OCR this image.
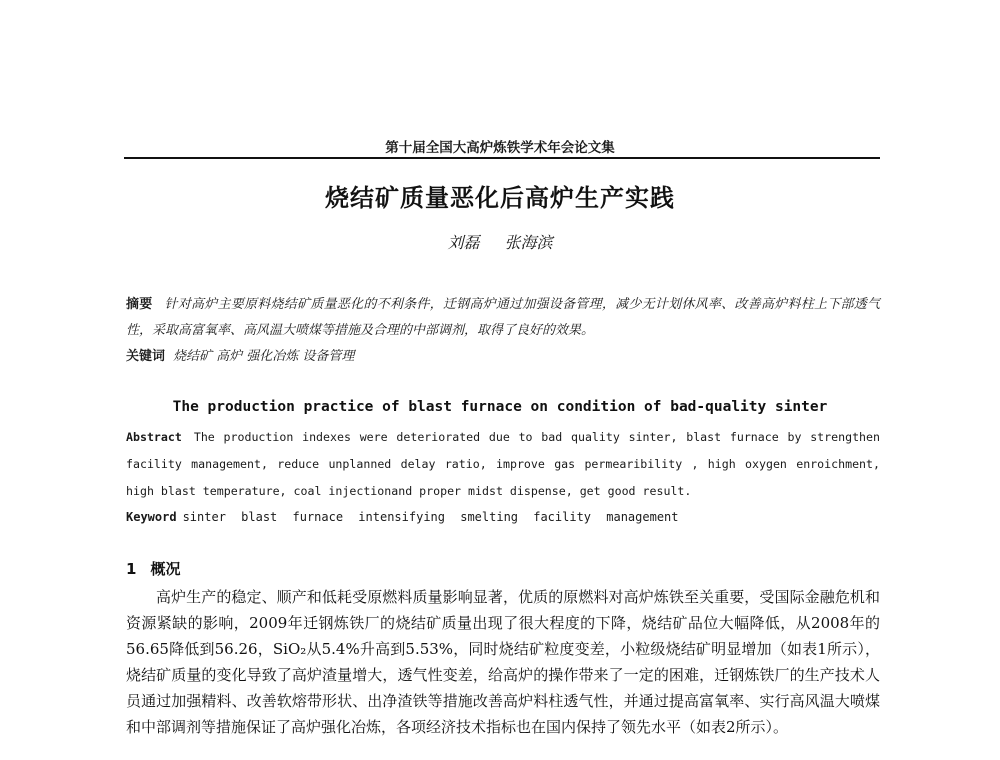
第十届全国大高炉炼铁学术年会论文集
烧结矿质量恶化后高炉生产实践
刘磊 张海滨
摘要 针对高炉主要原料烧结矿质量恶化的不利条件，迁钢高炉通过加强设备管理，减少无计划休风率、改善高炉料柱上下部透气性，采取高富氧率、高风温大喷煤等措施及合理的中部调剂，取得了良好的效果。
关键词 烧结矿 高炉 强化冶炼 设备管理
The production practice of blast furnace on condition of bad-quality sinter
Abstract The production indexes were deteriorated due to bad quality sinter, blast furnace by strengthen facility management, reduce unplanned delay ratio, improve gas permearibility , high oxygen enroichment, high blast temperature, coal injectionand proper midst dispense, get good result.
Keyword sinter blast furnace intensifying smelting facility management
1 概况
高炉生产的稳定、顺产和低耗受原燃料质量影响显著，优质的原燃料对高炉炼铁至关重要，受国际金融危机和资源紧缺的影响，2009年迁钢炼铁厂的烧结矿质量出现了很大程度的下降，烧结矿品位大幅降低，从2008年的56.65降低到56.26，SiO₂从5.4%升高到5.53%，同时烧结矿粒度变差，小粒级烧结矿明显增加（如表1所示），烧结矿质量的变化导致了高炉渣量增大，透气性变差，给高炉的操作带来了一定的困难，迁钢炼铁厂的生产技术人员通过加强精料、改善软熔带形状、出净渣铁等措施改善高炉料柱透气性，并通过提高富氧率、实行高风温大喷煤和中部调剂等措施保证了高炉强化冶炼，各项经济技术指标也在国内保持了领先水平（如表2所示）。
